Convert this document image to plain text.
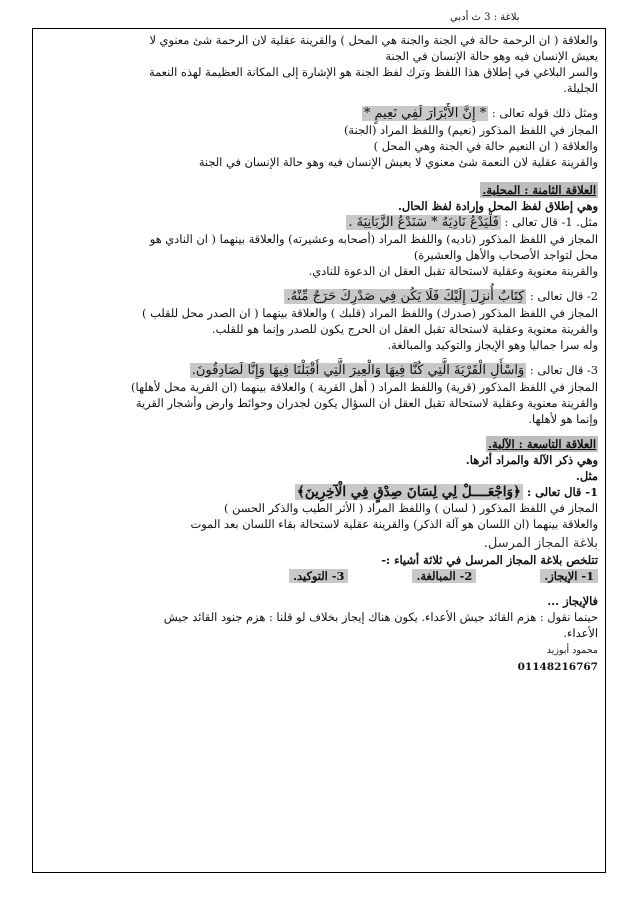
بلاغة : 3 ث أدبي

والعلاقة ( ان الرحمة حالة في الجنة والجنة هي المحل ) والقرينة عقلية لان الرحمة شئ معنوي لا

يعيش الإنسان فيه وهو حالة الإنسان في الجنة

والسر البلاغي في إطلاق هذا اللفظ وترك لفظ الجنة هو الإشارة إلى المكانة العظيمة لهذه النعمة

الجليلة.

ومثل ذلك قوله تعالى : * إِنَّ الأَبْرَارَ لَفِي نَعِيمٍ *

المجاز في اللفظ المذكور (نعيم) واللفظ المراد (الجنة)

والعلاقة ( ان النعيم حالة في الجنة وهي المحل )

والقرينة عقلية لان النعمة شئ معنوي لا يعيش الإنسان فيه وهو حالة الإنسان في الجنة

العلاقة الثامنة : المحلية.

وهي إطلاق لفظ المحل وإرادة لفظ الحال.

مثل. 1- قال تعالى : فَلْيَدْعُ نَادِيَهُ * سَنَدْعُ الزَّبَانِيَةَ .

المجاز في اللفظ المذكور (ناديه) واللفظ المراد (أصحابه وعشيرته) والعلاقة بينهما ( ان النادي هو

محل لتواجد الأصحاب والأهل والعشيرة)

والقرينة معنوية وعقلية لاستحالة تقبل العقل ان الدعوة للنادي.

2- قال تعالى : كِتَابٌ أُنزِلَ إِلَيْكَ فَلَا يَكُن فِي صَدْرِكَ حَرَجٌ مِّنْهُ.

المجاز في اللفظ المذكور (صدرك) واللفظ المراد (قلبك ) والعلاقة بينهما ( ان الصدر محل للقلب )

والقرينة معنوية وعقلية لاستحالة تقبل العقل ان الحرج يكون للصدر وإنما هو للقلب.

وله سرا جماليا وهو الإيجاز والتوكيد والمبالغة.

3- قال تعالى : وَاسْأَلِ الْقَرْيَةَ الَّتِي كُنَّا فِيهَا وَالْعِيرَ الَّتِي أَقْبَلْنَا فِيهَا وَإِنَّا لَصَادِقُونَ.

المجاز في اللفظ المذكور (قرية) واللفظ المراد ( أهل القرية ) والعلاقة بينهما (ان القرية محل لأهلها)

والقرينة معنوية وعقلية لاستحالة تقبل العقل ان السؤال يكون لجدران وحوائط وارض وأشجار القرية

وإنما هو لأهلها.

العلاقة التاسعة : الآلية.

وهي ذكر الآلة والمراد أثرها.

مثل.

1- قال تعالى : ﴿وَاجْعَــــلْ لِي لِسَانَ صِدْقٍ فِي الْآخِرِينَ﴾

المجاز في اللفظ المذكور ( لسان ) واللفظ المراد ( الأثر الطيب والذكر الحسن )

والعلاقة بينهما (ان اللسان هو آلة الذكر) والقرينة عقلية لاستحالة بقاء اللسان بعد الموت

بلاغة المجاز المرسل.

تتلخص بلاغة المجاز المرسل في ثلاثة أشياء :-

1- الإيجاز. 2- المبالغة. 3- التوكيد.

فالإيجاز ...

حينما نقول : هزم القائد جيش الأعداء. يكون هناك إيجاز بخلاف لو قلنا : هزم جنود القائد جيش

الأعداء.

محمود أبوزيد

01148216767
